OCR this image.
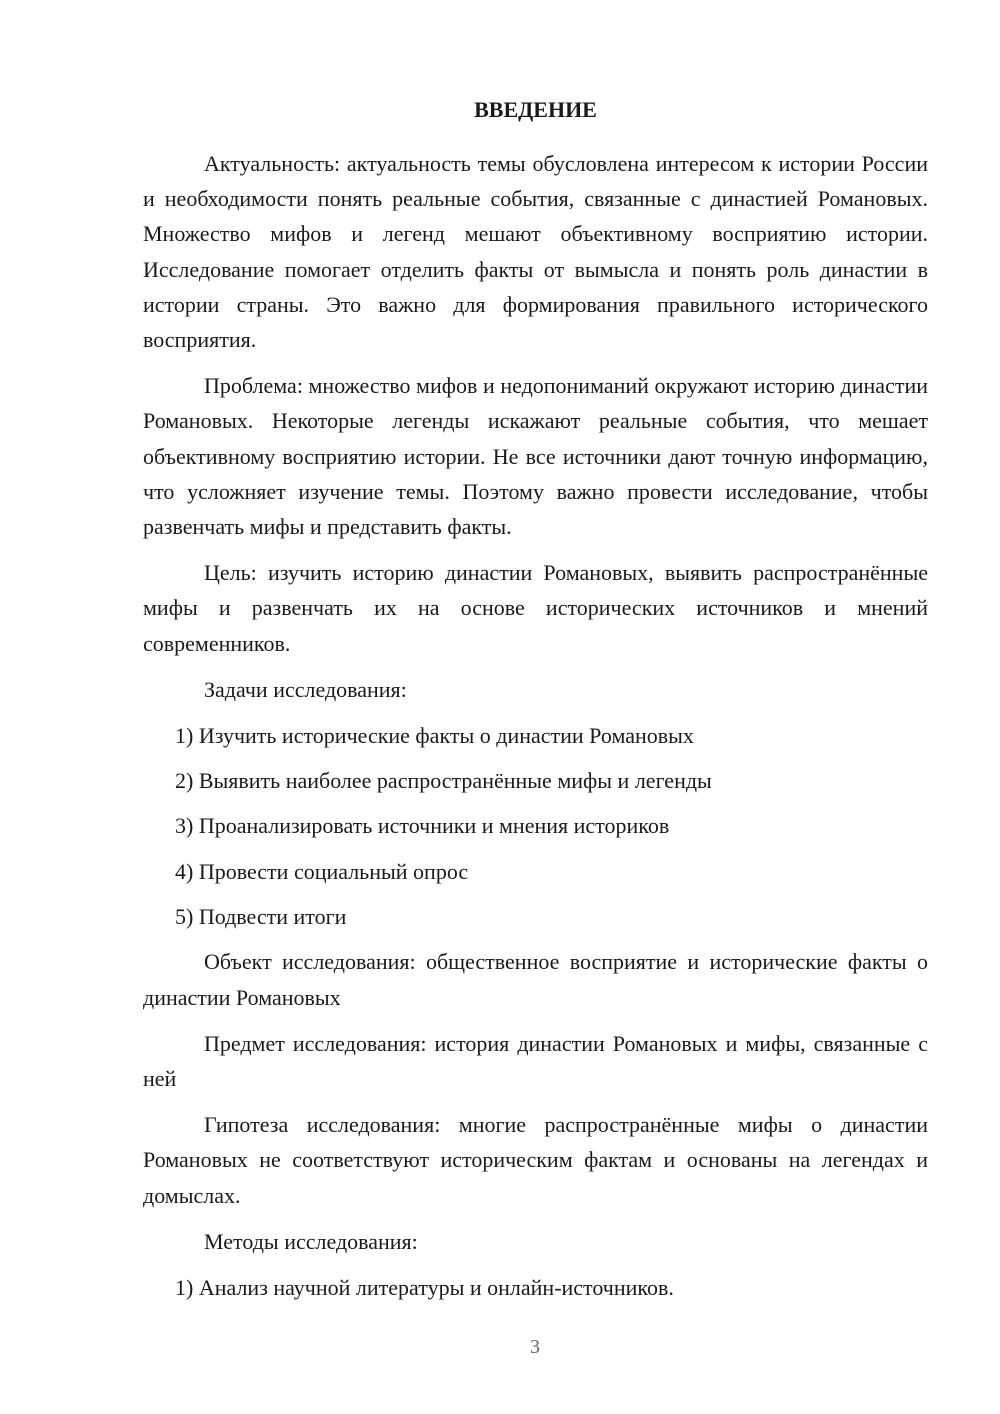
ВВЕДЕНИЕ

Актуальность: актуальность темы обусловлена интересом к истории России и необходимости понять реальные события, связанные с династией Романовых. Множество мифов и легенд мешают объективному восприятию истории. Исследование помогает отделить факты от вымысла и понять роль династии в истории страны. Это важно для формирования правильного исторического восприятия.

Проблема: множество мифов и недопониманий окружают историю династии Романовых. Некоторые легенды искажают реальные события, что мешает объективному восприятию истории. Не все источники дают точную информацию, что усложняет изучение темы. Поэтому важно провести исследование, чтобы развенчать мифы и представить факты.

Цель: изучить историю династии Романовых, выявить распространённые мифы и развенчать их на основе исторических источников и мнений современников.

Задачи исследования:

1) Изучить исторические факты о династии Романовых

2) Выявить наиболее распространённые мифы и легенды

3) Проанализировать источники и мнения историков

4) Провести социальный опрос

5) Подвести итоги

Объект исследования: общественное восприятие и исторические факты о династии Романовых

Предмет исследования: история династии Романовых и мифы, связанные с ней

Гипотеза исследования: многие распространённые мифы о династии Романовых не соответствуют историческим фактам и основаны на легендах и домыслах.

Методы исследования:

1) Анализ научной литературы и онлайн-источников.

3
